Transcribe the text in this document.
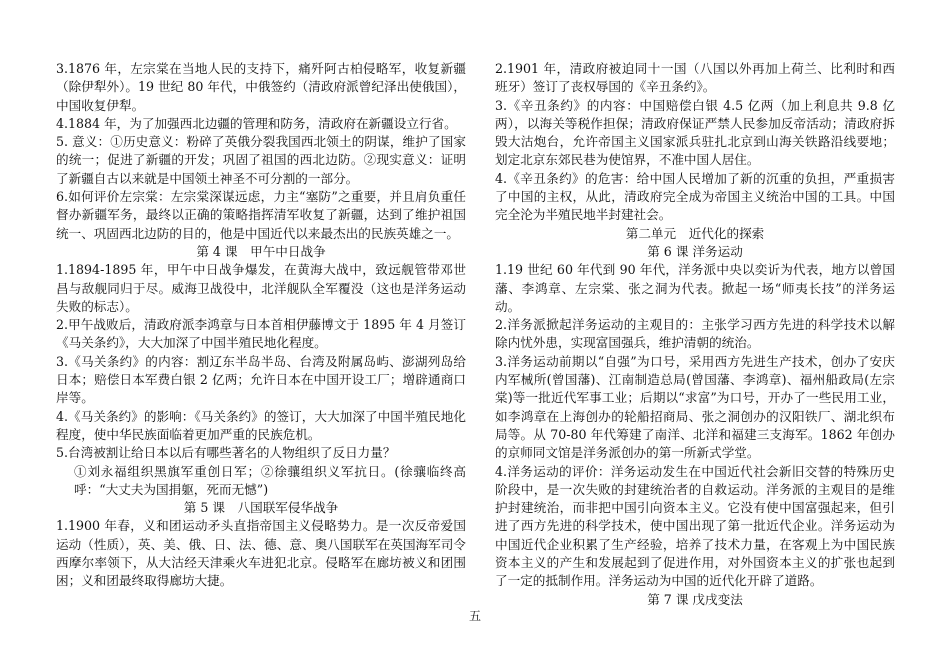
3.1876 年，左宗棠在当地人民的支持下，痛歼阿古柏侵略军，收复新疆（除伊犁外）。19 世纪 80 年代，中俄签约（清政府派曾纪泽出使俄国），中国收复伊犁。

4.1884 年，为了加强西北边疆的管理和防务，清政府在新疆设立行省。

5. 意义：①历史意义：粉碎了英俄分裂我国西北领土的阴谋，维护了国家的统一；促进了新疆的开发；巩固了祖国的西北边防。②现实意义：证明了新疆自古以来就是中国领土神圣不可分割的一部分。

6.如何评价左宗棠：左宗棠深谋远虑，力主“塞防”之重要，并且肩负重任督办新疆军务，最终以正确的策略指挥清军收复了新疆，达到了维护祖国统一、巩固西北边防的目的，他是中国近代以来最杰出的民族英雄之一。

第 4 课　甲午中日战争

1.1894-1895 年，甲午中日战争爆发，在黄海大战中，致远舰管带邓世昌与敌舰同归于尽。威海卫战役中，北洋舰队全军覆没（这也是洋务运动失败的标志）。

2.甲午战败后，清政府派李鸿章与日本首相伊藤博文于 1895 年 4 月签订《马关条约》，大大加深了中国半殖民地化程度。

3.《马关条约》的内容：割辽东半岛半岛、台湾及附属岛屿、澎湖列岛给日本；赔偿日本军费白银 2 亿两；允许日本在中国开设工厂；增辟通商口岸等。

4.《马关条约》的影响：《马关条约》的签订，大大加深了中国半殖民地化程度，使中华民族面临着更加严重的民族危机。

5.台湾被割让给日本以后有哪些著名的人物组织了反日力量？

①刘永福组织黑旗军重创日军；②徐骧组织义军抗日。(徐骧临终高呼：“大丈夫为国捐躯，死而无憾”)

第 5 课　八国联军侵华战争

1.1900 年春，义和团运动矛头直指帝国主义侵略势力。是一次反帝爱国运动（性质），英、美、俄、日、法、德、意、奥八国联军在英国海军司令西摩尔率领下，从大沽经天津乘火车进犯北京。侵略军在廊坊被义和团围困；义和团最终取得廊坊大捷。

2.1901 年，清政府被迫同十一国（八国以外再加上荷兰、比利时和西班牙）签订了丧权辱国的《辛丑条约》。

3.《辛丑条约》的内容：中国赔偿白银 4.5 亿两（加上利息共 9.8 亿两），以海关等税作担保；清政府保证严禁人民参加反帝活动；清政府拆毁大沽炮台，允许帝国主义国家派兵驻扎北京到山海关铁路沿线要地；划定北京东郊民巷为使馆界，不准中国人居住。

4.《辛丑条约》的危害：给中国人民增加了新的沉重的负担，严重损害了中国的主权，从此，清政府完全成为帝国主义统治中国的工具。中国完全沦为半殖民地半封建社会。

第二单元　近代化的探索

第 6 课 洋务运动

1.19 世纪 60 年代到 90 年代，洋务派中央以奕䜣为代表，地方以曾国藩、李鸿章、左宗棠、张之洞为代表。掀起一场“师夷长技”的洋务运动。

2.洋务派掀起洋务运动的主观目的：主张学习西方先进的科学技术以解除内忧外患，实现富国强兵，维护清朝的统治。

3.洋务运动前期以“自强”为口号，采用西方先进生产技术，创办了安庆内军械所(曾国藩)、江南制造总局(曾国藩、李鸿章)、福州船政局(左宗棠)等一批近代军事工业；后期以“求富”为口号，开办了一些民用工业，如李鸿章在上海创办的轮船招商局、张之洞创办的汉阳铁厂、湖北织布局等。从 70-80 年代筹建了南洋、北洋和福建三支海军。1862 年创办的京师同文馆是洋务派创办的第一所新式学堂。

4.洋务运动的评价：洋务运动发生在中国近代社会新旧交替的特殊历史阶段中，是一次失败的封建统治者的自救运动。洋务派的主观目的是维护封建统治，而非把中国引向资本主义。它没有使中国富强起来，但引进了西方先进的科学技术，使中国出现了第一批近代企业。洋务运动为中国近代企业积累了生产经验，培养了技术力量，在客观上为中国民族资本主义的产生和发展起到了促进作用，对外国资本主义的扩张也起到了一定的抵制作用。洋务运动为中国的近代化开辟了道路。

第 7 课 戊戌变法

五
